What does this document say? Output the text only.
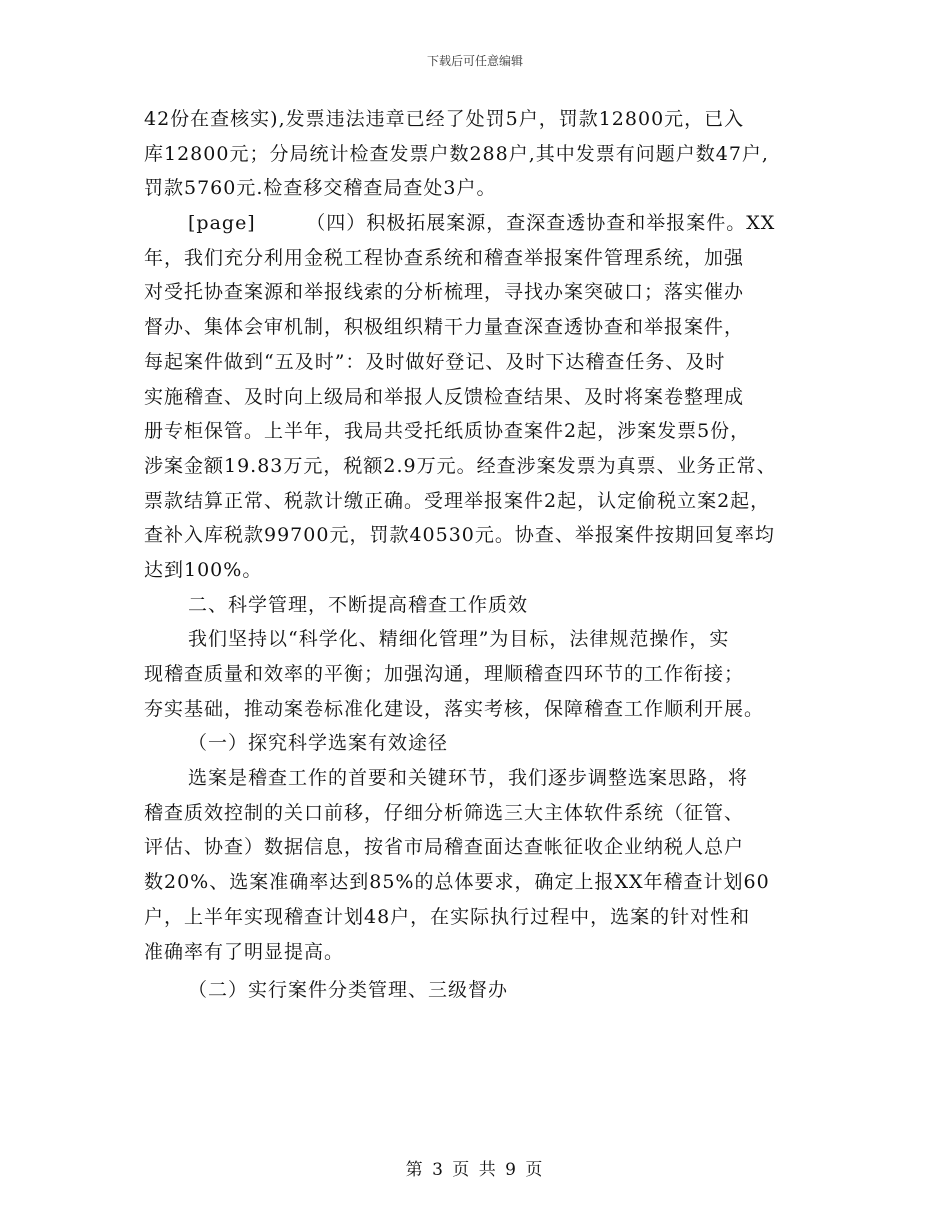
下载后可任意编辑
42份在查核实),发票违法违章已经了处罚5户，罚款12800元，已入
库12800元；分局统计检查发票户数288户,其中发票有问题户数47户,
罚款5760元.检查移交稽查局查处3户。
[page]　　　（四）积极拓展案源，查深查透协查和举报案件。XX
年，我们充分利用金税工程协查系统和稽查举报案件管理系统，加强
对受托协查案源和举报线索的分析梳理，寻找办案突破口；落实催办
督办、集体会审机制，积极组织精干力量查深查透协查和举报案件，
每起案件做到“五及时”：及时做好登记、及时下达稽查任务、及时
实施稽查、及时向上级局和举报人反馈检查结果、及时将案卷整理成
册专柜保管。上半年，我局共受托纸质协查案件2起，涉案发票5份，
涉案金额19.83万元，税额2.9万元。经查涉案发票为真票、业务正常、
票款结算正常、税款计缴正确。受理举报案件2起，认定偷税立案2起，
查补入库税款99700元，罚款40530元。协查、举报案件按期回复率均
达到100%。
二、科学管理，不断提高稽查工作质效
我们坚持以“科学化、精细化管理”为目标，法律规范操作，实
现稽查质量和效率的平衡；加强沟通，理顺稽查四环节的工作衔接；
夯实基础，推动案卷标准化建设，落实考核，保障稽查工作顺利开展。
（一）探究科学选案有效途径
选案是稽查工作的首要和关键环节，我们逐步调整选案思路，将
稽查质效控制的关口前移，仔细分析筛选三大主体软件系统（征管、
评估、协查）数据信息，按省市局稽查面达查帐征收企业纳税人总户
数20%、选案准确率达到85%的总体要求，确定上报XX年稽查计划60
户，上半年实现稽查计划48户，在实际执行过程中，选案的针对性和
准确率有了明显提高。
（二）实行案件分类管理、三级督办
第 3 页 共 9 页
